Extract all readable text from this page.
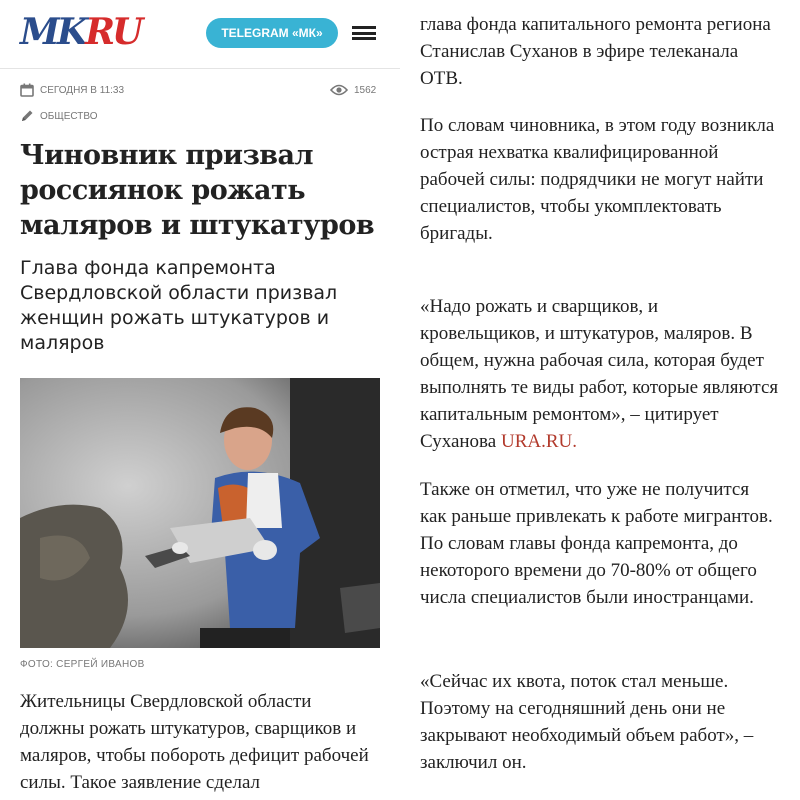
MKRU	TELEGRAM «МК»
СЕГОДНЯ В 11:33	1562
ОБЩЕСТВО
Чиновник призвал россиянок рожать маляров и штукатуров
Глава фонда капремонта Свердловской области призвал женщин рожать штукатуров и маляров
ФОТО: СЕРГЕЙ ИВАНОВ

Жительницы Свердловской области должны рожать штукатуров, сварщиков и маляров, чтобы побороть дефицит рабочей силы. Такое заявление сделал

глава фонда капитального ремонта региона Станислав Суханов в эфире телеканала ОТВ.

По словам чиновника, в этом году возникла острая нехватка квалифицированной рабочей силы: подрядчики не могут найти специалистов, чтобы укомплектовать бригады.

«Надо рожать и сварщиков, и кровельщиков, и штукатуров, маляров. В общем, нужна рабочая сила, которая будет выполнять те виды работ, которые являются капитальным ремонтом», – цитирует Суханова URA.RU.

Также он отметил, что уже не получится как раньше привлекать к работе мигрантов. По словам главы фонда капремонта, до некоторого времени до 70-80% от общего числа специалистов были иностранцами.

«Сейчас их квота, поток стал меньше. Поэтому на сегодняшний день они не закрывают необходимый объем работ», – заключил он.
